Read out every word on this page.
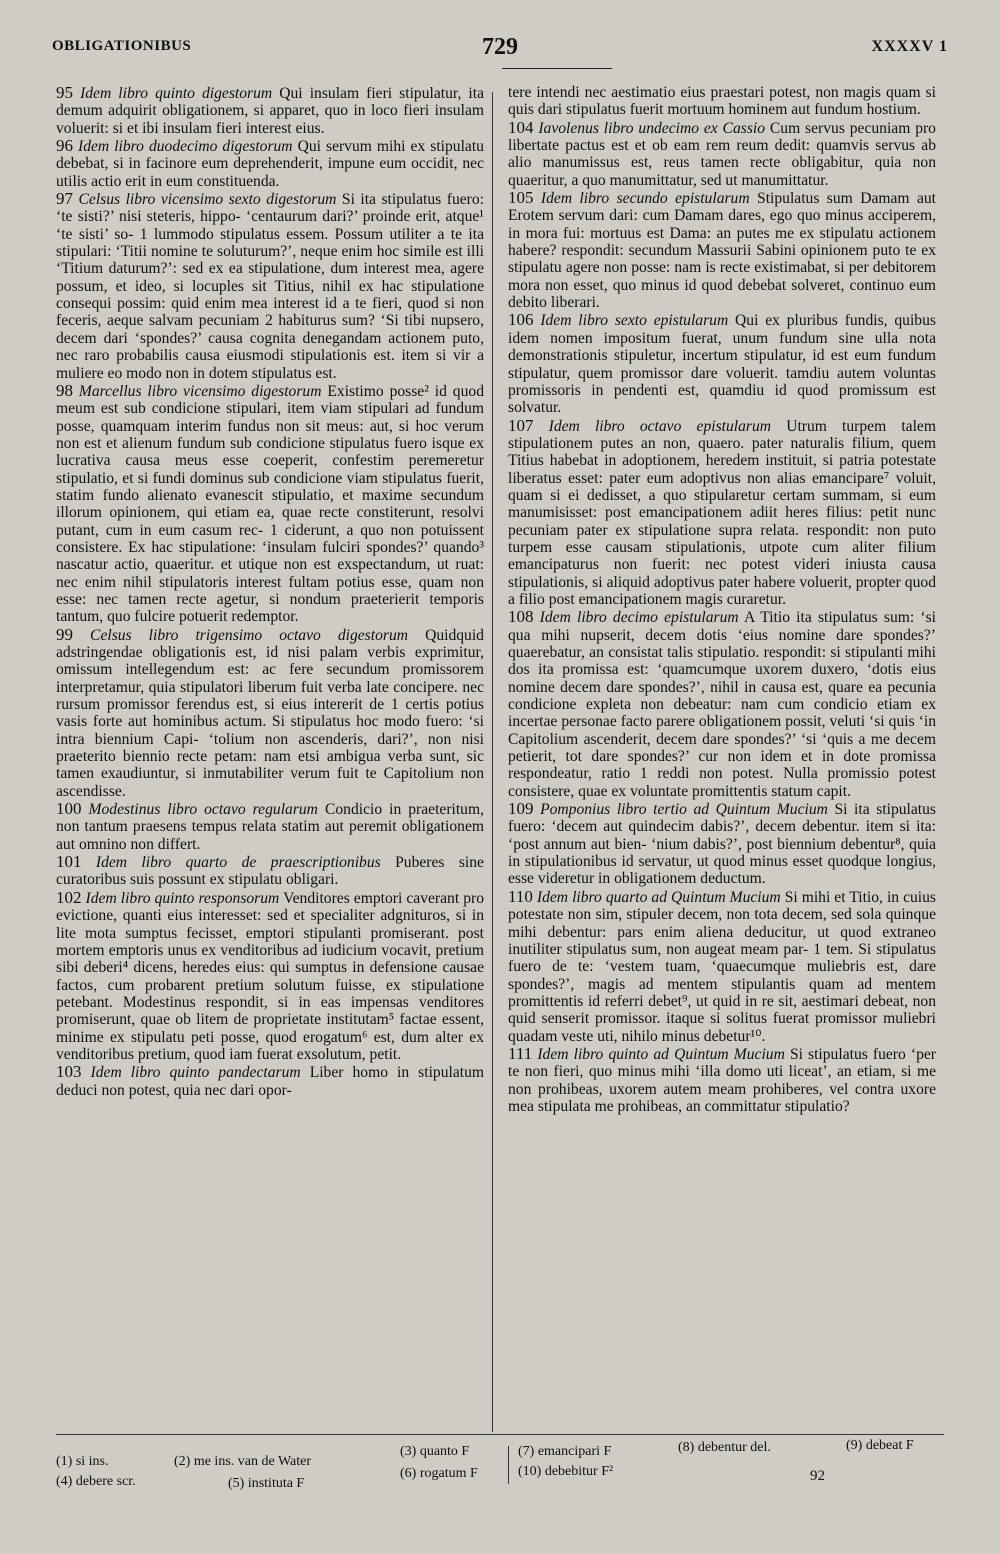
OBLIGATIONIBUS	729	XXXXV 1

95 Idem libro quinto digestorum Qui insulam fieri stipulatur, ita demum adquirit obligationem, si apparet, quo in loco fieri insulam voluerit: si et ibi insulam fieri interest eius.

96 Idem libro duodecimo digestorum Qui servum mihi ex stipulatu debebat, si in facinore eum deprehenderit, impune eum occidit, nec utilis actio erit in eum constituenda.

97 Celsus libro vicensimo sexto digestorum Si ita stipulatus fuero: ‘te sisti?’ nisi steteris, hippo- ‘centaurum dari?’ proinde erit, atque¹ ‘te sisti’ so- 1 lummodo stipulatus essem. Possum utiliter a te ita stipulari: ‘Titii nomine te soluturum?’, neque enim hoc simile est illi ‘Titium daturum?’: sed ex ea stipulatione, dum interest mea, agere possum, et ideo, si locuples sit Titius, nihil ex hac stipulatione consequi possim: quid enim mea interest id a te fieri, quod si non feceris, aeque salvam pecuniam 2 habiturus sum? ‘Si tibi nupsero, decem dari ‘spondes?’ causa cognita denegandam actionem puto, nec raro probabilis causa eiusmodi stipulationis est. item si vir a muliere eo modo non in dotem stipulatus est.

98 Marcellus libro vicensimo digestorum Existimo posse² id quod meum est sub condicione stipulari, item viam stipulari ad fundum posse, quamquam interim fundus non sit meus: aut, si hoc verum non est et alienum fundum sub condicione stipulatus fuero isque ex lucrativa causa meus esse coeperit, confestim peremeretur stipulatio, et si fundi dominus sub condicione viam stipulatus fuerit, statim fundo alienato evanescit stipulatio, et maxime secundum illorum opinionem, qui etiam ea, quae recte constiterunt, resolvi putant, cum in eum casum rec- 1 ciderunt, a quo non potuissent consistere. Ex hac stipulatione: ‘insulam fulciri spondes?’ quando³ nascatur actio, quaeritur. et utique non est exspectandum, ut ruat: nec enim nihil stipulatoris interest fultam potius esse, quam non esse: nec tamen recte agetur, si nondum praeterierit temporis tantum, quo fulcire potuerit redemptor.

99 Celsus libro trigensimo octavo digestorum Quidquid adstringendae obligationis est, id nisi palam verbis exprimitur, omissum intellegendum est: ac fere secundum promissorem interpretamur, quia stipulatori liberum fuit verba late concipere. nec rursum promissor ferendus est, si eius intererit de 1 certis potius vasis forte aut hominibus actum. Si stipulatus hoc modo fuero: ‘si intra biennium Capi- ‘tolium non ascenderis, dari?’, non nisi praeterito biennio recte petam: nam etsi ambigua verba sunt, sic tamen exaudiuntur, si inmutabiliter verum fuit te Capitolium non ascendisse.

100 Modestinus libro octavo regularum Condicio in praeteritum, non tantum praesens tempus relata statim aut peremit obligationem aut omnino non differt.

101 Idem libro quarto de praescriptionibus Puberes sine curatoribus suis possunt ex stipulatu obligari.

102 Idem libro quinto responsorum Venditores emptori caverant pro evictione, quanti eius interesset: sed et specialiter adgnituros, si in lite mota sumptus fecisset, emptori stipulanti promiserant. post mortem emptoris unus ex venditoribus ad iudicium vocavit, pretium sibi deberi⁴ dicens, heredes eius: qui sumptus in defensione causae factos, cum probarent pretium solutum fuisse, ex stipulatione petebant. Modestinus respondit, si in eas impensas venditores promiserunt, quae ob litem de proprietate institutam⁵ factae essent, minime ex stipulatu peti posse, quod erogatum⁶ est, dum alter ex venditoribus pretium, quod iam fuerat exsolutum, petit.

103 Idem libro quinto pandectarum Liber homo in stipulatum deduci non potest, quia nec dari opor-

tere intendi nec aestimatio eius praestari potest, non magis quam si quis dari stipulatus fuerit mortuum hominem aut fundum hostium.

104 Iavolenus libro undecimo ex Cassio Cum servus pecuniam pro libertate pactus est et ob eam rem reum dedit: quamvis servus ab alio manumissus est, reus tamen recte obligabitur, quia non quaeritur, a quo manumittatur, sed ut manumittatur.

105 Idem libro secundo epistularum Stipulatus sum Damam aut Erotem servum dari: cum Damam dares, ego quo minus acciperem, in mora fui: mortuus est Dama: an putes me ex stipulatu actionem habere? respondit: secundum Massurii Sabini opinionem puto te ex stipulatu agere non posse: nam is recte existimabat, si per debitorem mora non esset, quo minus id quod debebat solveret, continuo eum debito liberari.

106 Idem libro sexto epistularum Qui ex pluribus fundis, quibus idem nomen impositum fuerat, unum fundum sine ulla nota demonstrationis stipuletur, incertum stipulatur, id est eum fundum stipulatur, quem promissor dare voluerit. tamdiu autem voluntas promissoris in pendenti est, quamdiu id quod promissum est solvatur.

107 Idem libro octavo epistularum Utrum turpem talem stipulationem putes an non, quaero. pater naturalis filium, quem Titius habebat in adoptionem, heredem instituit, si patria potestate liberatus esset: pater eum adoptivus non alias emancipare⁷ voluit, quam si ei dedisset, a quo stipularetur certam summam, si eum manumisisset: post emancipationem adiit heres filius: petit nunc pecuniam pater ex stipulatione supra relata. respondit: non puto turpem esse causam stipulationis, utpote cum aliter filium emancipaturus non fuerit: nec potest videri iniusta causa stipulationis, si aliquid adoptivus pater habere voluerit, propter quod a filio post emancipationem magis curaretur.

108 Idem libro decimo epistularum A Titio ita stipulatus sum: ‘si qua mihi nupserit, decem dotis ‘eius nomine dare spondes?’ quaerebatur, an consistat talis stipulatio. respondit: si stipulanti mihi dos ita promissa est: ‘quamcumque uxorem duxero, ‘dotis eius nomine decem dare spondes?’, nihil in causa est, quare ea pecunia condicione expleta non debeatur: nam cum condicio etiam ex incertae personae facto parere obligationem possit, veluti ‘si quis ‘in Capitolium ascenderit, decem dare spondes?’ ‘si ‘quis a me decem petierit, tot dare spondes?’ cur non idem et in dote promissa respondeatur, ratio 1 reddi non potest. Nulla promissio potest consistere, quae ex voluntate promittentis statum capit.

109 Pomponius libro tertio ad Quintum Mucium Si ita stipulatus fuero: ‘decem aut quindecim dabis?’, decem debentur. item si ita: ‘post annum aut bien- ‘nium dabis?’, post biennium debentur⁸, quia in stipulationibus id servatur, ut quod minus esset quodque longius, esse videretur in obligationem deductum.

110 Idem libro quarto ad Quintum Mucium Si mihi et Titio, in cuius potestate non sim, stipuler decem, non tota decem, sed sola quinque mihi debentur: pars enim aliena deducitur, ut quod extraneo inutiliter stipulatus sum, non augeat meam par- 1 tem. Si stipulatus fuero de te: ‘vestem tuam, ‘quaecumque muliebris est, dare spondes?’, magis ad mentem stipulantis quam ad mentem promittentis id referri debet⁹, ut quid in re sit, aestimari debeat, non quid senserit promissor. itaque si solitus fuerat promissor muliebri quadam veste uti, nihilo minus debetur¹⁰.

111 Idem libro quinto ad Quintum Mucium Si stipulatus fuero ‘per te non fieri, quo minus mihi ‘illa domo uti liceat’, an etiam, si me non prohibeas, uxorem autem meam prohiberes, vel contra uxore mea stipulata me prohibeas, an committatur stipulatio?

(1) si ins.	(2) me ins. van de Water
(3) quanto F
(4) debere scr.	(5) instituta F
(6) rogatum F
(7) emancipari F	(8) debentur del.	(9) debeat F
(10) debebitur F²	92
